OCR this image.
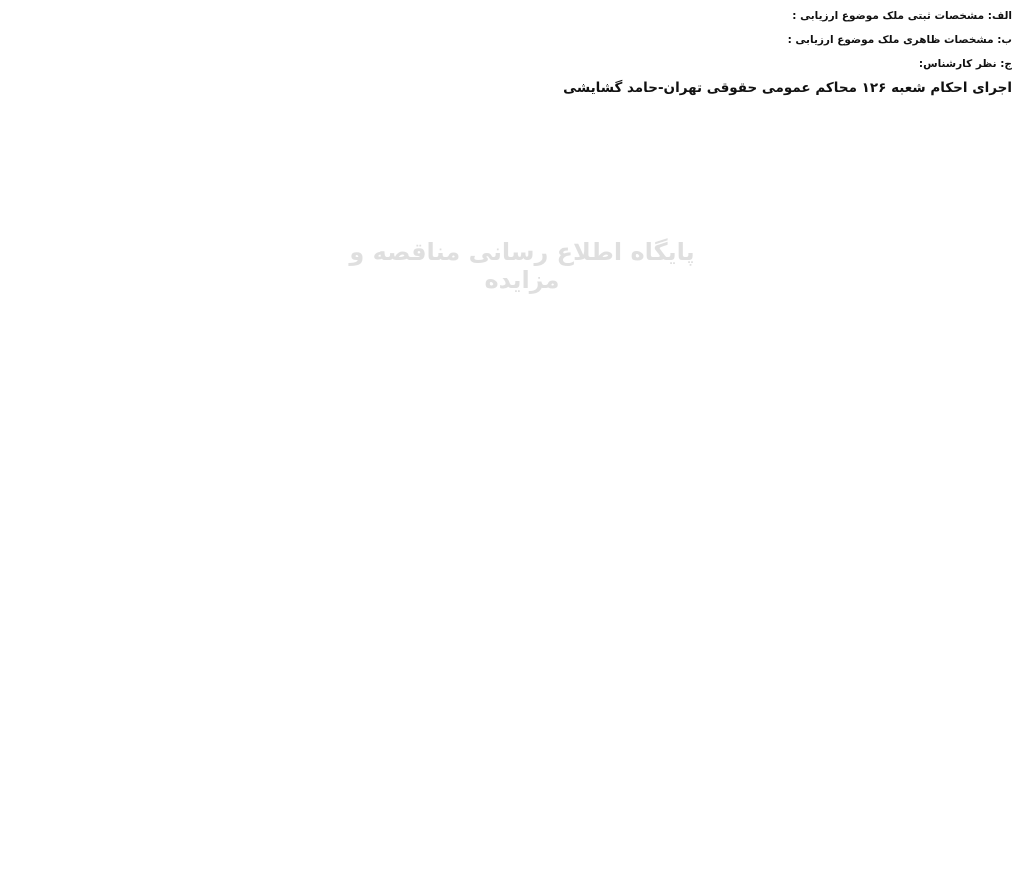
الف: مشخصات ثبتی ملک موضوع ارزیابی :

ب: مشخصات ظاهری ملک موضوع ارزیابی :

ج: نظر کارشناس:

اجرای احکام شعبه ۱۲۶ محاکم عمومی حقوقی تهران-حامد گشایشی
پایگاه اطلاع رسانی مناقصه و مزایده
